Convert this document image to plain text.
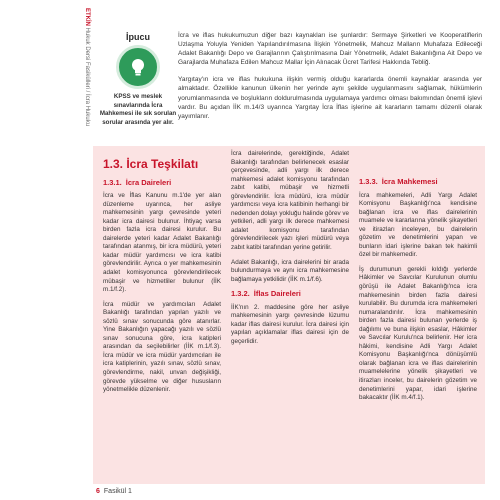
ETKİN Hukuk Dersi Fasikülleri / İcra Hukuku	İpucu
KPSS ve meslek sınavlarında İcra Mahkemesi ile sık sorulan sorular arasında yer alır.

İcra ve iflas hukukumuzun diğer bazı kaynakları ise şunlardır: Sermaye Şirketleri ve Kooperatiflerin Uzlaşma Yoluyla Yeniden Yapılandırılmasına İlişkin Yönetmelik, Mahcuz Malların Muhafaza Edileceği Adalet Bakanlığı Depo ve Garajlarının Çalıştırılmasına Dair Yönetmelik, Adalet Bakanlığına Ait Depo ve Garajlarda Muhafaza Edilen Mahcuz Mallar İçin Alınacak Ücret Tarifesi Hakkında Tebliğ.

Yargıtay'ın icra ve iflas hukukuna ilişkin vermiş olduğu kararlarda önemli kaynaklar arasında yer almaktadır. Özellikle kanunun ülkenin her yerinde aynı şekilde uygulanmasını sağlamak, hükümlerin yorumlanmasında ve boşlukların doldurulmasında uygulamaya yardımcı olması bakımından önemli işlevi vardır. Bu açıdan İİK m.14/3 uyarınca Yargıtay İcra İflas işlerine ait kararların tamamı düzenli olarak yayımlanır.

1.3. İcra Teşkilatı
1.3.1. İcra Daireleri

İcra ve İflas Kanunu m.1'de yer alan düzenleme uyarınca, her asliye mahkemesinin yargı çevresinde yeteri kadar icra dairesi bulunur. İhtiyaç varsa birden fazla icra dairesi kurulur. Bu dairelerde yeteri kadar Adalet Bakanlığı tarafından atanmış, bir icra müdürü, yeteri kadar müdür yardımcısı ve icra katibi görevlendirilir. Ayrıca o yer mahkemesinin adalet komisyonunca görevlendirilecek mübaşir ve hizmetliler bulunur (İİK m.1/f.2).

İcra müdür ve yardımcıları Adalet Bakanlığı tarafından yapılan yazılı ve sözlü sınav sonucunda göre atanırlar. Yine Bakanlığın yapacağı yazılı ve sözlü sınav sonucuna göre, icra katipleri arasından da seçilebilirler (İİK m.1/f.3). İcra müdür ve icra müdür yardımcıları ile icra katiplerinin, yazılı sınav, sözlü sınav, görevlendirme, nakil, unvan değişikliği, görevde yükselme ve diğer hususların yönetmelikle düzenlenir.

İcra dairelerinde, gerektiğinde, Adalet Bakanlığı tarafından belirlenecek esaslar çerçevesinde, adli yargı ilk derece mahkemesi adalet komisyonu tarafından zabıt katibi, mübaşir ve hizmetli görevlendirilir. İcra müdürü, icra müdür yardımcısı veya icra katibinin herhangi bir nedenden dolayı yokluğu halinde görev ve yetkileri, adli yargı ilk derece mahkemesi adalet komisyonu tarafından görevlendirilecek yazı işleri müdürü veya zabıt katibi tarafından yerine getirilir.

Adalet Bakanlığı, icra dairelerini bir arada bulundurmaya ve aynı icra mahkemesine bağlamaya yetkilidir (İİK m.1/f.6).

1.3.2. İflas Daireleri

İİK'nın 2. maddesine göre her asliye mahkemesinin yargı çevresinde lüzumu kadar iflas dairesi kurulur. İcra dairesi için yapılan açıklamalar iflas dairesi için de geçerlidir.

1.3.3. İcra Mahkemesi

İcra mahkemeleri, Adli Yargı Adalet Komisyonu Başkanlığı'nca kendisine bağlanan icra ve iflas dairelerinin muamele ve kararlarına yönelik şikayetleri ve itirazları inceleyen, bu dairelerin gözetim ve denetimlerini yapan ve bunların idari işlerine bakan tek hakimli özel bir mahkemedir.

İş durumunun gerekli kıldığı yerlerde Hâkimler ve Savcılar Kurulunun olumlu görüşü ile Adalet Bakanlığı'nca icra mahkemesinin birden fazla dairesi kurulabilir. Bu durumda icra mahkemeleri numaralandırılır. İcra mahkemesinin birden fazla dairesi bulunan yerlerde iş dağılımı ve buna ilişkin esaslar, Hâkimler ve Savcılar Kurulu'nca belirlenir. Her icra hâkimi, kendisine Adli Yargı Adalet Komisyonu Başkanlığı'nca dönüşümlü olarak bağlanan icra ve iflas dairelerinin muamelelerine yönelik şikayetleri ve itirazları inceler, bu dairelerin gözetim ve denetimlerini yapar, idari işlerine bakacaktır (İİK m.4/f.1).

6 Fasikül 1
